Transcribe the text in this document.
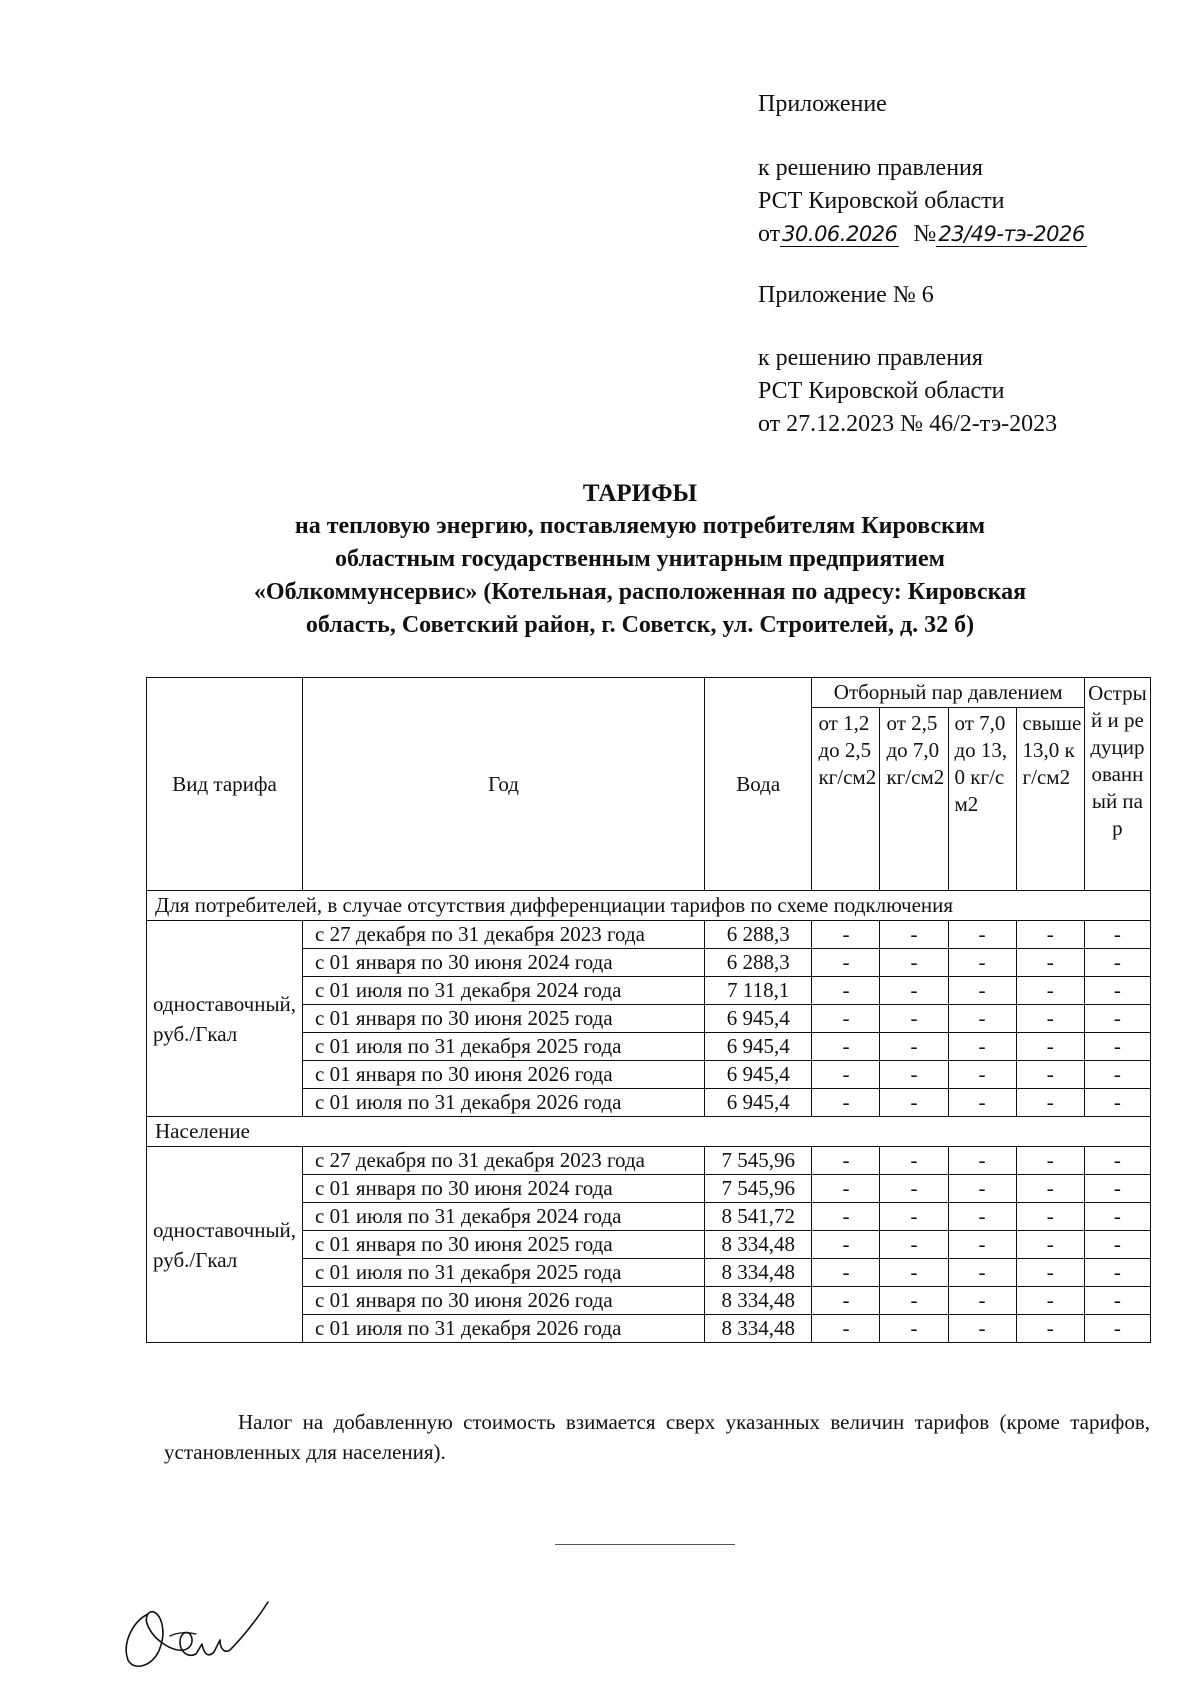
Приложение
к решению правления
РСТ Кировской области
от30.06.2026 №23/49-тэ-2026
Приложение № 6
к решению правления
РСТ Кировской области
от 27.12.2023 № 46/2-тэ-2023
ТАРИФЫ
на тепловую энергию, поставляемую потребителям Кировским
областным государственным унитарным предприятием
«Облкоммунсервис» (Котельная, расположенная по адресу: Кировская
область, Советский район, г. Советск, ул. Строителей, д. 32 б)
Вид тарифа	Год	Вода	Отборный пар давлением				Острый и редуцированный пар
			от 1,2 до 2,5 кг/см2	от 2,5 до 7,0 кг/см2	от 7,0 до 13,0 кг/см2	свыше 13,0 кг/см2	
Для потребителей, в случае отсутствия дифференциации тарифов по схеме подключения							
одноставочный, руб./Гкал	с 27 декабря по 31 декабря 2023 года	6 288,3	-	-	-	-	-
	с 01 января по 30 июня 2024 года	6 288,3	-	-	-	-	-
	с 01 июля по 31 декабря 2024 года	7 118,1	-	-	-	-	-
	с 01 января по 30 июня 2025 года	6 945,4	-	-	-	-	-
	с 01 июля по 31 декабря 2025 года	6 945,4	-	-	-	-	-
	с 01 января по 30 июня 2026 года	6 945,4	-	-	-	-	-
	с 01 июля по 31 декабря 2026 года	6 945,4	-	-	-	-	-
Население							
одноставочный, руб./Гкал	с 27 декабря по 31 декабря 2023 года	7 545,96	-	-	-	-	-
	с 01 января по 30 июня 2024 года	7 545,96	-	-	-	-	-
	с 01 июля по 31 декабря 2024 года	8 541,72	-	-	-	-	-
	с 01 января по 30 июня 2025 года	8 334,48	-	-	-	-	-
	с 01 июля по 31 декабря 2025 года	8 334,48	-	-	-	-	-
	с 01 января по 30 июня 2026 года	8 334,48	-	-	-	-	-
	с 01 июля по 31 декабря 2026 года	8 334,48	-	-	-	-	-
Налог на добавленную стоимость взимается сверх указанных величин тарифов (кроме тарифов, установленных для населения).
